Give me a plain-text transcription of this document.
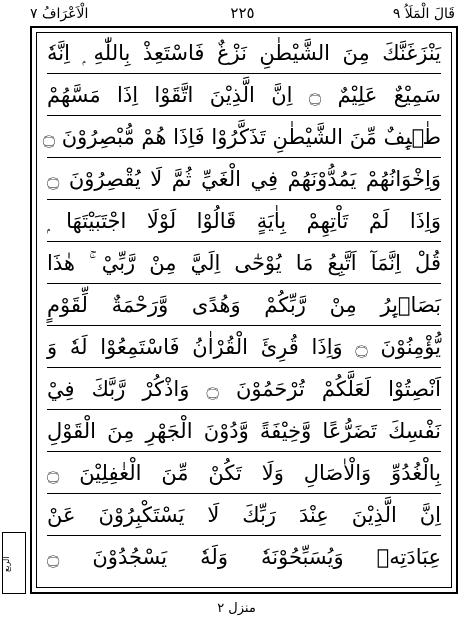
قَالَ الْمَلَاُ ٩
٢٢٥
الْاَعْرَافُ ٧
يَنْزَغَنَّكَ مِنَ الشَّيْطٰنِ نَزْغٌ فَاسْتَعِذْ بِاللّٰهِ ۭ اِنَّهٗ
سَمِيْعٌ عَلِيْمٌ ۝ اِنَّ الَّذِيْنَ اتَّقَوْا اِذَا مَسَّهُمْ
طٰۗىِٕفٌ مِّنَ الشَّيْطٰنِ تَذَكَّرُوْا فَاِذَا هُمْ مُّبْصِرُوْنَ ۝
وَاِخْوَانُهُمْ يَمُدُّوْنَهُمْ فِي الْغَيِّ ثُمَّ لَا يُقْصِرُوْنَ ۝
وَاِذَا لَمْ تَاْتِهِمْ بِاٰيَةٍ قَالُوْا لَوْلَا اجْتَبَيْتَهَا ۭ
قُلْ اِنَّمَآ اَتَّبِعُ مَا يُوْحٰٓى اِلَيَّ مِنْ رَّبِّيْ ۚ هٰذَا
بَصَاۗىِٕرُ مِنْ رَّبِّكُمْ وَهُدًى وَّرَحْمَةٌ لِّقَوْمٍ
يُّؤْمِنُوْنَ ۝ وَاِذَا قُرِئَ الْقُرْاٰنُ فَاسْتَمِعُوْا لَهٗ وَ
اَنْصِتُوْا لَعَلَّكُمْ تُرْحَمُوْنَ ۝ وَاذْكُرْ رَّبَّكَ فِيْ
نَفْسِكَ تَضَرُّعًا وَّخِيْفَةً وَّدُوْنَ الْجَهْرِ مِنَ الْقَوْلِ
بِالْغُدُوِّ وَالْاٰصَالِ وَلَا تَكُنْ مِّنَ الْغٰفِلِيْنَ ۝
اِنَّ الَّذِيْنَ عِنْدَ رَبِّكَ لَا يَسْتَكْبِرُوْنَ عَنْ
عِبَادَتِهٖ وَيُسَبِّحُوْنَهٗ وَلَهٗ يَسْجُدُوْنَ ۝
الربع
منزل ٢
